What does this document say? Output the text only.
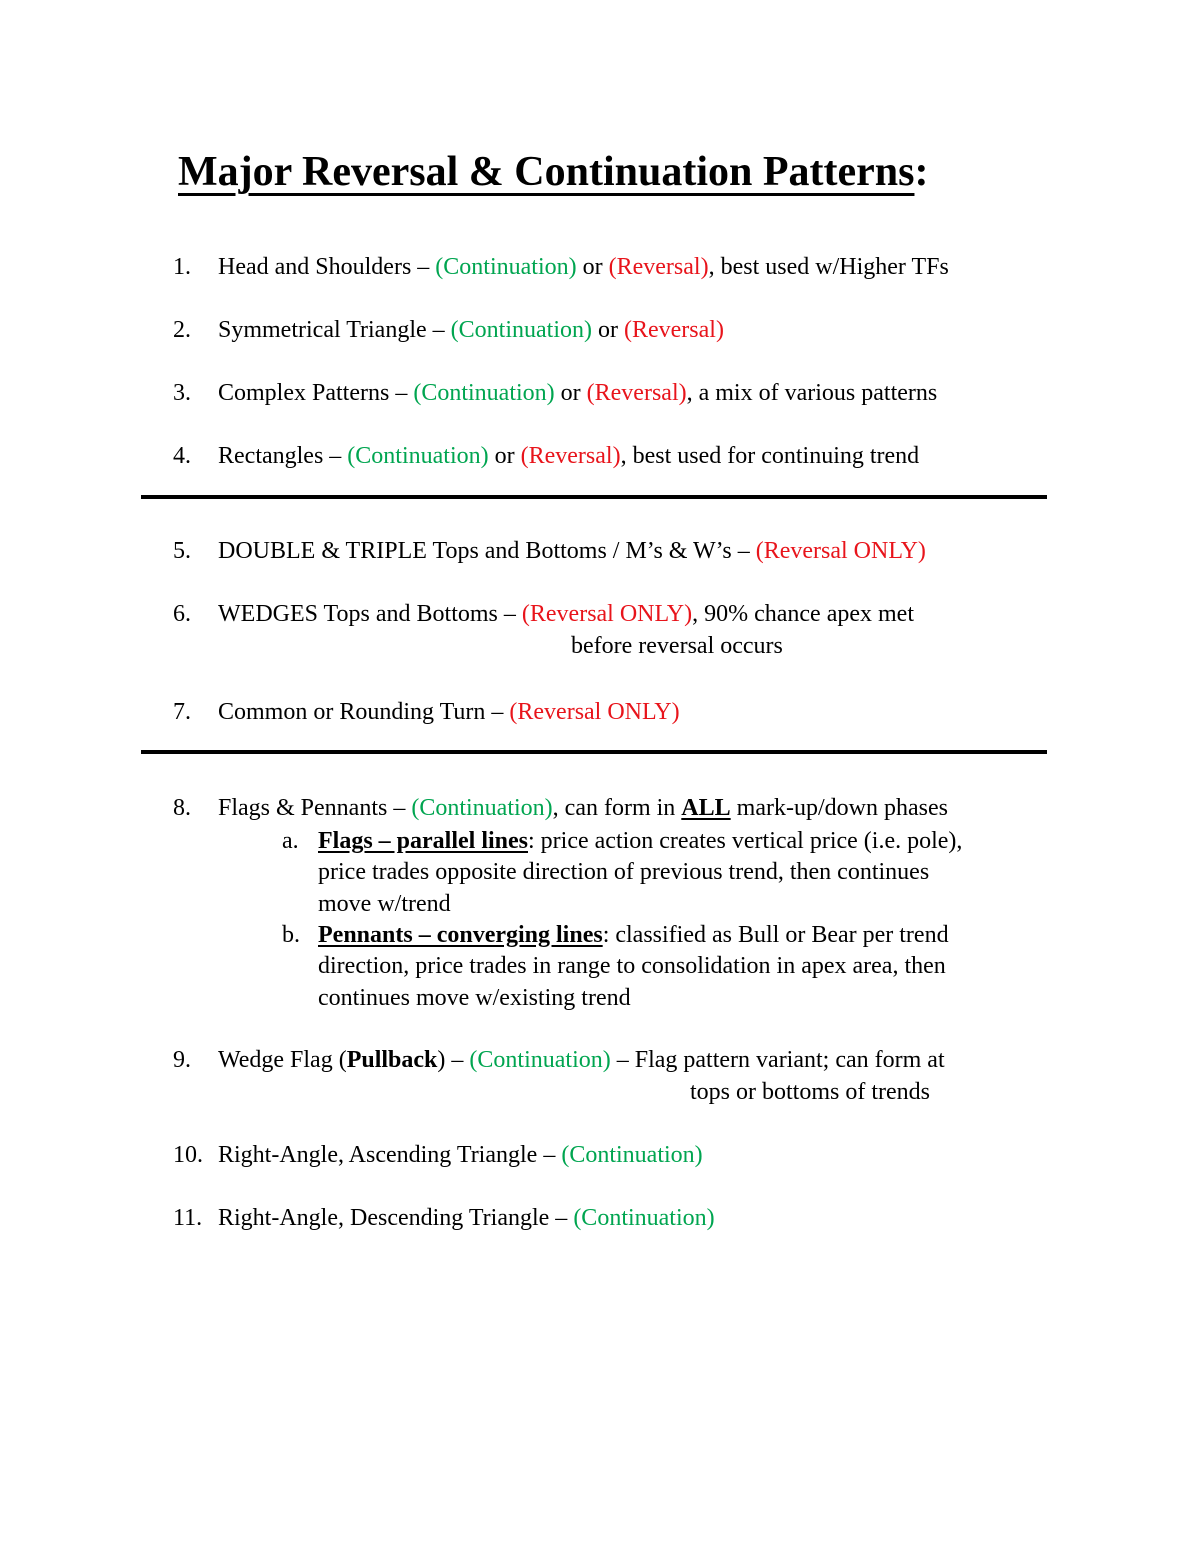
Major Reversal & Continuation Patterns:
1. Head and Shoulders – (Continuation) or (Reversal), best used w/Higher TFs
2. Symmetrical Triangle – (Continuation) or (Reversal)
3. Complex Patterns – (Continuation) or (Reversal), a mix of various patterns
4. Rectangles – (Continuation) or (Reversal), best used for continuing trend
5. DOUBLE & TRIPLE Tops and Bottoms / M’s & W’s – (Reversal ONLY)
6. WEDGES Tops and Bottoms – (Reversal ONLY), 90% chance apex met
before reversal occurs
7. Common or Rounding Turn – (Reversal ONLY)
8. Flags & Pennants – (Continuation), can form in ALL mark-up/down phases
a. Flags – parallel lines: price action creates vertical price (i.e. pole),
price trades opposite direction of previous trend, then continues
move w/trend
b. Pennants – converging lines: classified as Bull or Bear per trend
direction, price trades in range to consolidation in apex area, then
continues move w/existing trend
9. Wedge Flag (Pullback) – (Continuation) – Flag pattern variant; can form at
tops or bottoms of trends
10. Right-Angle, Ascending Triangle – (Continuation)
11. Right-Angle, Descending Triangle – (Continuation)
